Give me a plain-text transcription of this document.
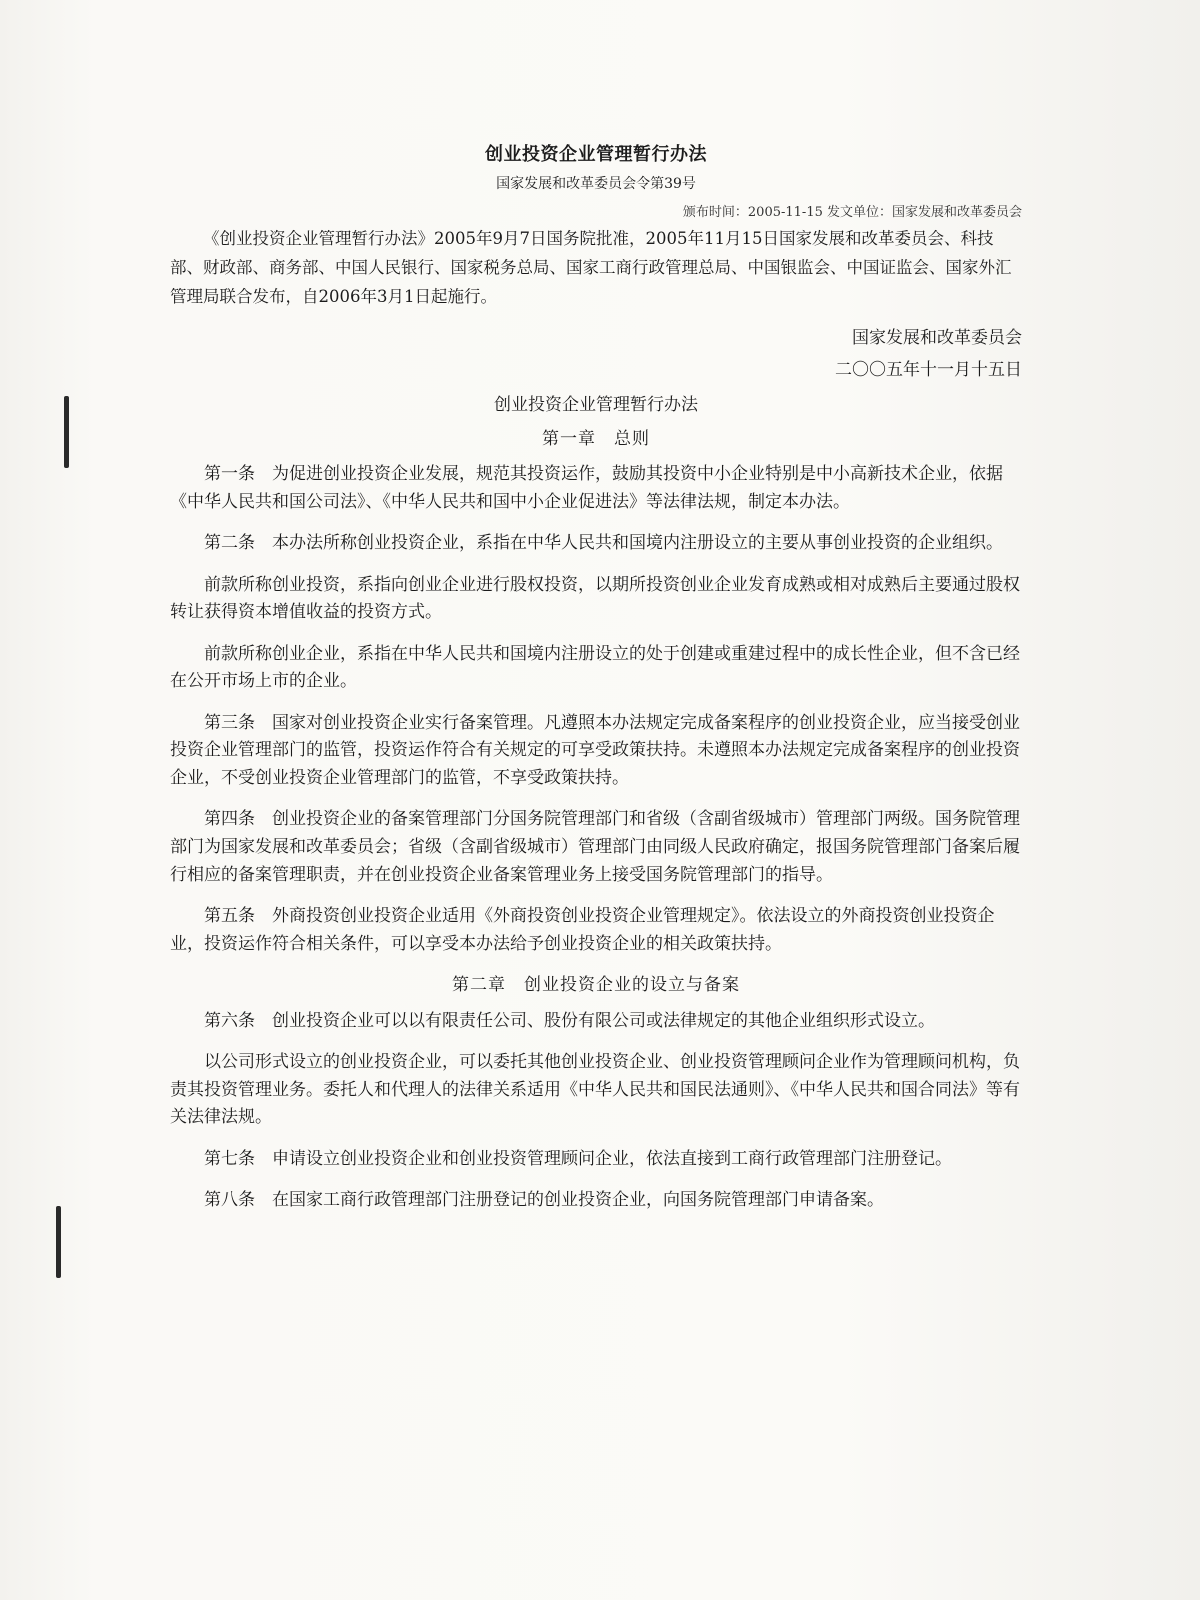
创业投资企业管理暂行办法

国家发展和改革委员会令第39号

颁布时间：2005-11-15 发文单位：国家发展和改革委员会

《创业投资企业管理暂行办法》2005年9月7日国务院批准，2005年11月15日国家发展和改革委员会、科技部、财政部、商务部、中国人民银行、国家税务总局、国家工商行政管理总局、中国银监会、中国证监会、国家外汇管理局联合发布，自2006年3月1日起施行。

国家发展和改革委员会

二〇〇五年十一月十五日

创业投资企业管理暂行办法

第一章　总则

第一条　为促进创业投资企业发展，规范其投资运作，鼓励其投资中小企业特别是中小高新技术企业，依据《中华人民共和国公司法》、《中华人民共和国中小企业促进法》等法律法规，制定本办法。

第二条　本办法所称创业投资企业，系指在中华人民共和国境内注册设立的主要从事创业投资的企业组织。

前款所称创业投资，系指向创业企业进行股权投资，以期所投资创业企业发育成熟或相对成熟后主要通过股权转让获得资本增值收益的投资方式。

前款所称创业企业，系指在中华人民共和国境内注册设立的处于创建或重建过程中的成长性企业，但不含已经在公开市场上市的企业。

第三条　国家对创业投资企业实行备案管理。凡遵照本办法规定完成备案程序的创业投资企业，应当接受创业投资企业管理部门的监管，投资运作符合有关规定的可享受政策扶持。未遵照本办法规定完成备案程序的创业投资企业，不受创业投资企业管理部门的监管，不享受政策扶持。

第四条　创业投资企业的备案管理部门分国务院管理部门和省级（含副省级城市）管理部门两级。国务院管理部门为国家发展和改革委员会；省级（含副省级城市）管理部门由同级人民政府确定，报国务院管理部门备案后履行相应的备案管理职责，并在创业投资企业备案管理业务上接受国务院管理部门的指导。

第五条　外商投资创业投资企业适用《外商投资创业投资企业管理规定》。依法设立的外商投资创业投资企业，投资运作符合相关条件，可以享受本办法给予创业投资企业的相关政策扶持。

第二章　创业投资企业的设立与备案

第六条　创业投资企业可以以有限责任公司、股份有限公司或法律规定的其他企业组织形式设立。

以公司形式设立的创业投资企业，可以委托其他创业投资企业、创业投资管理顾问企业作为管理顾问机构，负责其投资管理业务。委托人和代理人的法律关系适用《中华人民共和国民法通则》、《中华人民共和国合同法》等有关法律法规。

第七条　申请设立创业投资企业和创业投资管理顾问企业，依法直接到工商行政管理部门注册登记。

第八条　在国家工商行政管理部门注册登记的创业投资企业，向国务院管理部门申请备案。
